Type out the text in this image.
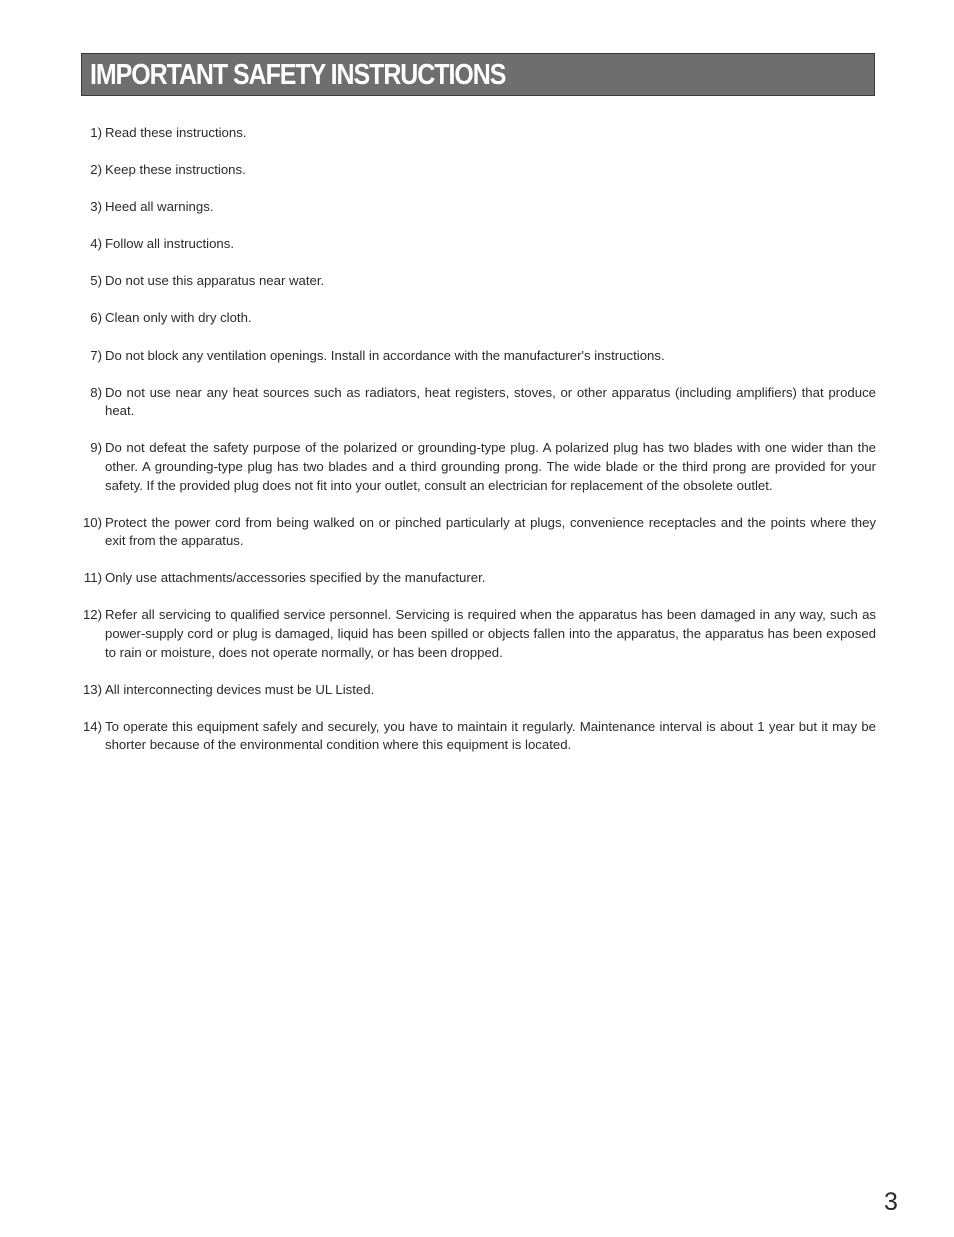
IMPORTANT SAFETY INSTRUCTIONS
1) Read these instructions.
2) Keep these instructions.
3) Heed all warnings.
4) Follow all instructions.
5) Do not use this apparatus near water.
6) Clean only with dry cloth.
7) Do not block any ventilation openings. Install in accordance with the manufacturer's instructions.
8) Do not use near any heat sources such as radiators, heat registers, stoves, or other apparatus (including amplifiers) that produce heat.
9) Do not defeat the safety purpose of the polarized or grounding-type plug. A polarized plug has two blades with one wider than the other. A grounding-type plug has two blades and a third grounding prong. The wide blade or the third prong are provided for your safety. If the provided plug does not fit into your outlet, consult an electrician for replacement of the obsolete outlet.
10) Protect the power cord from being walked on or pinched particularly at plugs, convenience receptacles and the points where they exit from the apparatus.
11) Only use attachments/accessories specified by the manufacturer.
12) Refer all servicing to qualified service personnel. Servicing is required when the apparatus has been damaged in any way, such as power-supply cord or plug is damaged, liquid has been spilled or objects fallen into the apparatus, the apparatus has been exposed to rain or moisture, does not operate normally, or has been dropped.
13) All interconnecting devices must be UL Listed.
14) To operate this equipment safely and securely, you have to maintain it regularly. Maintenance interval is about 1 year but it may be shorter because of the environmental condition where this equipment is located.
3
